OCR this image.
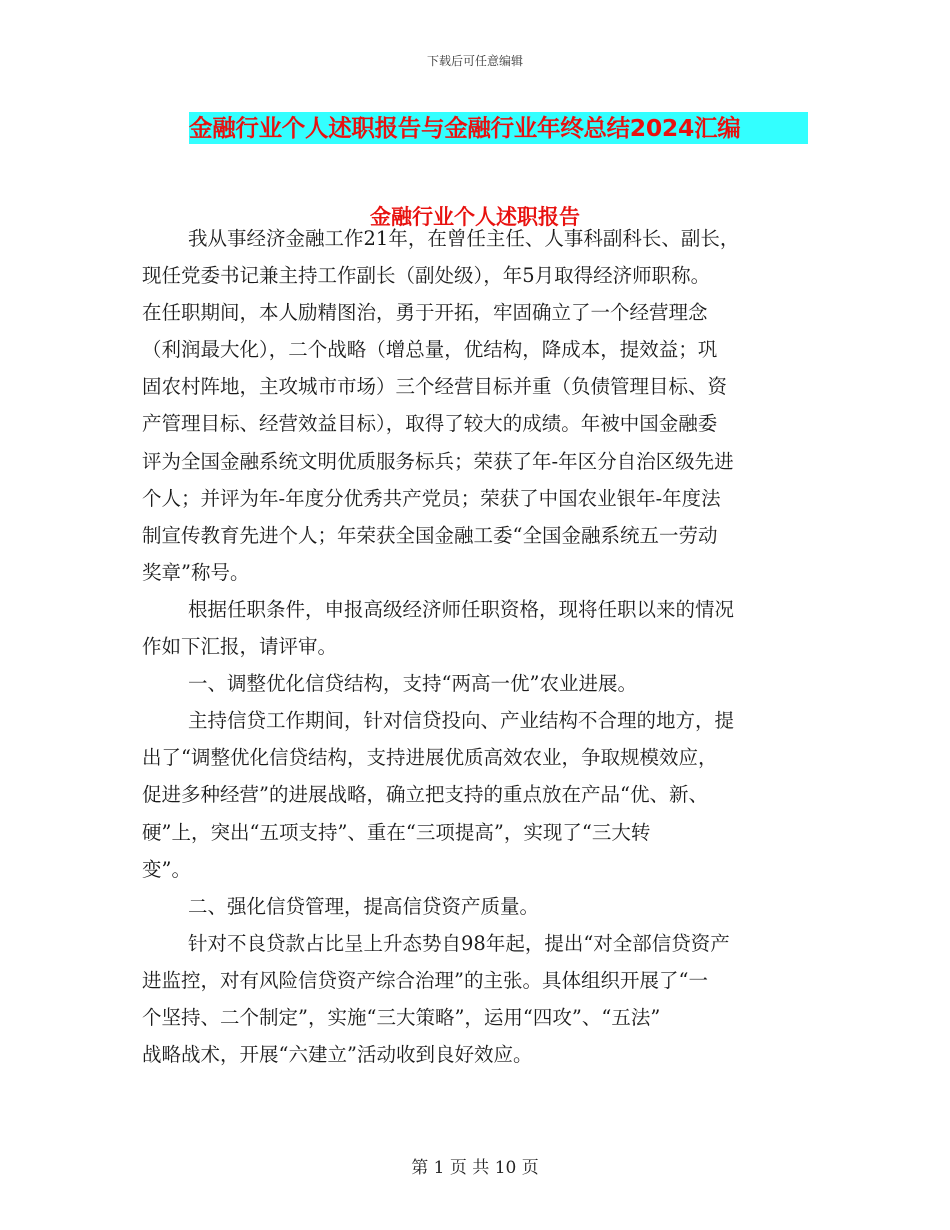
下载后可任意编辑
金融行业个人述职报告与金融行业年终总结2024汇编
金融行业个人述职报告
我从事经济金融工作21年，在曾任主任、人事科副科长、副长，
现任党委书记兼主持工作副长（副处级），年5月取得经济师职称。
在任职期间，本人励精图治，勇于开拓，牢固确立了一个经营理念
（利润最大化），二个战略（增总量，优结构，降成本，提效益；巩
固农村阵地，主攻城市市场）三个经营目标并重（负债管理目标、资
产管理目标、经营效益目标），取得了较大的成绩。年被中国金融委
评为全国金融系统文明优质服务标兵；荣获了年-年区分自治区级先进
个人；并评为年-年度分优秀共产党员；荣获了中国农业银年-年度法
制宣传教育先进个人；年荣获全国金融工委“全国金融系统五一劳动
奖章”称号。
根据任职条件，申报高级经济师任职资格，现将任职以来的情况
作如下汇报，请评审。
一、调整优化信贷结构，支持“两高一优”农业进展。
主持信贷工作期间，针对信贷投向、产业结构不合理的地方，提
出了“调整优化信贷结构，支持进展优质高效农业，争取规模效应，
促进多种经营”的进展战略，确立把支持的重点放在产品“优、新、
硬”上，突出“五项支持”、重在“三项提高”，实现了“三大转
变”。
二、强化信贷管理，提高信贷资产质量。
针对不良贷款占比呈上升态势自98年起，提出“对全部信贷资产
进监控，对有风险信贷资产综合治理”的主张。具体组织开展了“一
个坚持、二个制定”，实施“三大策略”，运用“四攻”、“五法”
战略战术，开展“六建立”活动收到良好效应。
第 1 页 共 10 页
